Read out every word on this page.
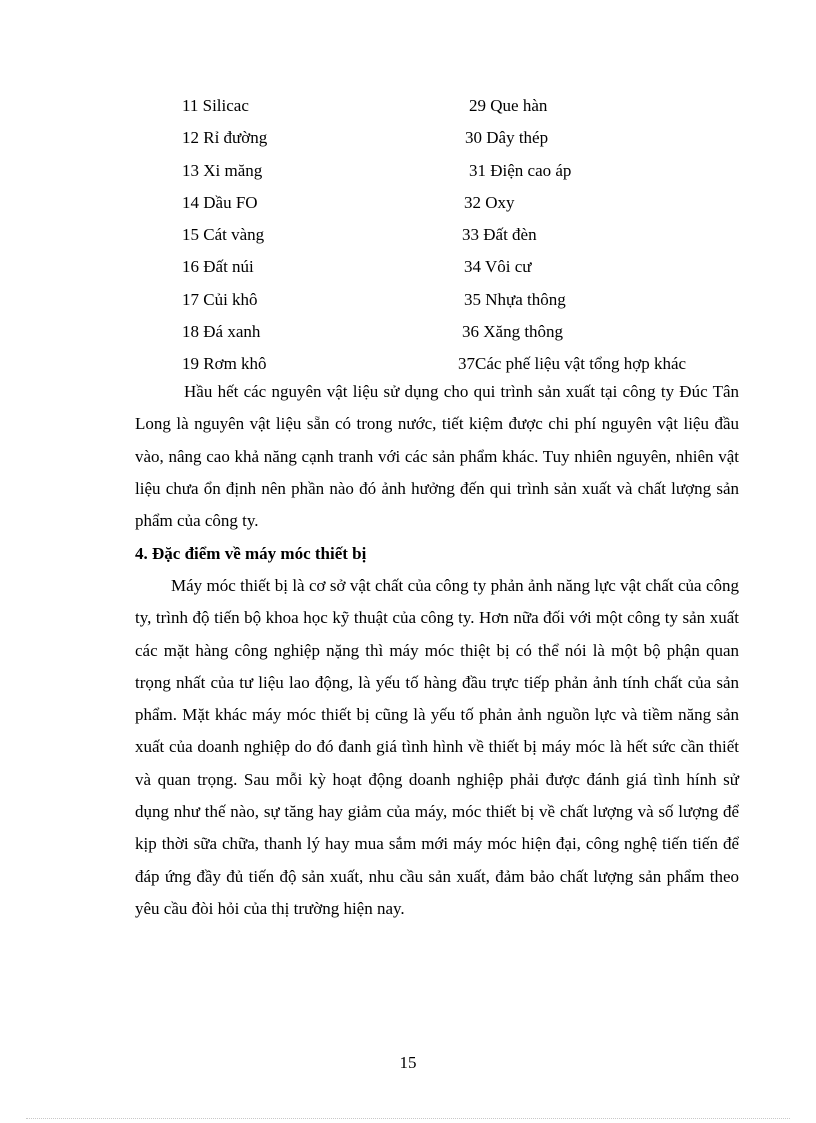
11 Silicac	29 Que hàn
12 Rỉ đường	30 Dây thép
13 Xi măng	31 Điện cao áp
14 Dầu FO	32 Oxy
15 Cát vàng	33 Đất đèn
16 Đất núi	34 Vôi cư
17 Củi khô	35 Nhựa thông
18 Đá xanh	36 Xăng thông
19 Rơm khô	37Các phế liệu vật tổng hợp khác

Hầu hết các nguyên vật liệu sử dụng cho qui trình sản xuất tại công ty Đúc Tân Long là nguyên vật liệu sẵn có trong nước, tiết kiệm được chi phí nguyên vật liệu đầu vào, nâng cao khả năng cạnh tranh với các sản phẩm khác. Tuy nhiên nguyên, nhiên vật liệu chưa ổn định nên phần nào đó ảnh hưởng đến qui trình sản xuất và chất lượng sản phẩm của công ty.

4. Đặc điểm về máy móc thiết bị

Máy móc thiết bị là cơ sở vật chất của công ty phản ảnh năng lực vật chất của công ty, trình độ tiến bộ khoa học kỹ thuật của công ty. Hơn nữa đối với một công ty sản xuất các mặt hàng công nghiệp nặng thì máy móc thiệt bị có thể nói là một bộ phận quan trọng nhất của tư liệu lao động, là yếu tố hàng đầu trực tiếp phản ảnh tính chất của sản phẩm. Mặt khác máy móc thiết bị cũng là yếu tố phản ảnh nguồn lực và tiềm năng sản xuất của doanh nghiệp do đó đanh giá tình hình về thiết bị máy móc là hết sức cần thiết và quan trọng. Sau mỗi kỳ hoạt động doanh nghiệp phải được đánh giá tình hính sử dụng như thế nào, sự tăng hay giảm của máy, móc thiết bị về chất lượng và số lượng để kịp thời sữa chữa, thanh lý hay mua sắm mới máy móc hiện đại, công nghệ tiến tiến để đáp ứng đầy đủ tiến độ sản xuất, nhu cầu sản xuất, đảm bảo chất lượng sản phẩm theo yêu cầu đòi hỏi của thị trường hiện nay.

15
